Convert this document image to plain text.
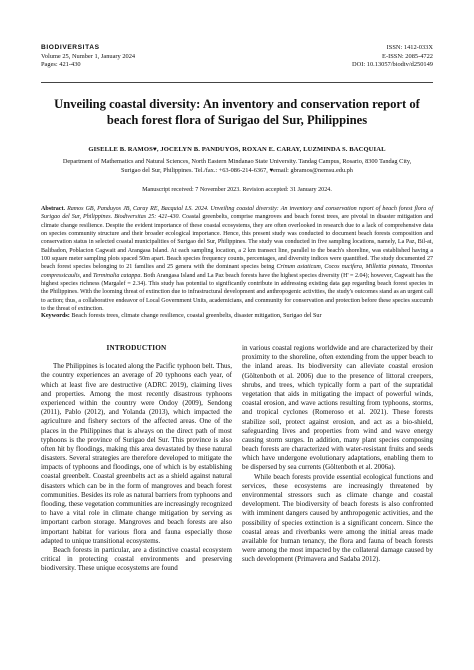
BIODIVERSITAS
Volume 25, Number 1, January 2024
Pages: 421-430
ISSN: 1412-033X
E-ISSN: 2085-4722
DOI: 10.13057/biodiv/d250149
Unveiling coastal diversity: An inventory and conservation report of beach forest flora of Surigao del Sur, Philippines
GISELLE B. RAMOS♥, JOCELYN B. PANDUYOS, ROXAN E. CARAY, LUZMINDA S. BACQUIAL
Department of Mathematics and Natural Sciences, North Eastern Mindanao State University. Tandag Campus, Rosario, 8300 Tandag City,
Surigao del Sur, Philippines. Tel./fax.: +63-086-214-6367, ♥email: gbramos@nemsu.edu.ph
Manuscript received: 7 November 2023. Revision accepted: 31 January 2024.
Abstract. Ramos GB, Panduyos JB, Caray RE, Bacquial LS. 2024. Unveiling coastal diversity: An inventory and conservation report of beach forest flora of Surigao del Sur, Philippines. Biodiversitas 25: 421-430. Coastal greenbelts, comprise mangroves and beach forest trees, are pivotal in disaster mitigation and climate change resilience. Despite the evident importance of these coastal ecosystems, they are often overlooked in research due to a lack of comprehensive data on species community structure and their broader ecological importance. Hence, this present study was conducted to document beach forests composition and conservation status in selected coastal municipalities of Surigao del Sur, Philippines. The study was conducted in five sampling locations, namely, La Paz, Bil-at, Balibadon, Poblacion Cagwait and Arangasa Island. At each sampling location, a 2 km transect line, parallel to the beach's shoreline, was established having a 100 square meter sampling plots spaced 50m apart. Beach species frequency counts, percentages, and diversity indices were quantified. The study documented 27 beach forest species belonging to 21 families and 25 genera with the dominant species being Crinum asiaticum, Cocos nucifera, Millettia pinnata, Timonius compressicaulis, and Terminalia catappa. Both Arangasa Island and La Paz beach forests have the highest species diversity (H' = 2.04); however, Cagwait has the highest species richness (Margalef = 2.34). This study has potential to significantly contribute in addressing existing data gap regarding beach forest species in the Philippines. With the looming threat of extinction due to infrastructural development and anthropogenic activities, the study's outcomes stand as an urgent call to action; thus, a collaborative endeavor of Local Government Units, academicians, and community for conservation and protection before these species succumb to the threat of extinction.
Keywords: Beach forests trees, climate change resilience, coastal greenbelts, disaster mitigation, Surigao del Sur
INTRODUCTION

The Philippines is located along the Pacific typhoon belt. Thus, the country experiences an average of 20 typhoons each year, of which at least five are destructive (ADRC 2019), claiming lives and properties. Among the most recently disastrous typhoons experienced within the country were Ondoy (2009), Sendong (2011), Pablo (2012), and Yolanda (2013), which impacted the agriculture and fishery sectors of the affected areas. One of the places in the Philippines that is always on the direct path of most typhoons is the province of Surigao del Sur. This province is also often hit by floodings, making this area devastated by these natural disasters. Several strategies are therefore developed to mitigate the impacts of typhoons and floodings, one of which is by establishing coastal greenbelt. Coastal greenbelts act as a shield against natural disasters which can be in the form of mangroves and beach forest communities. Besides its role as natural barriers from typhoons and flooding, these vegetation communities are increasingly recognized to have a vital role in climate change mitigation by serving as important carbon storage. Mangroves and beach forests are also important habitat for various flora and fauna especially those adapted to unique transitional ecosystems.

Beach forests in particular, are a distinctive coastal ecosystem critical in protecting coastal environments and preserving biodiversity. These unique ecosystems are found

in various coastal regions worldwide and are characterized by their proximity to the shoreline, often extending from the upper beach to the inland areas. Its biodiversity can alleviate coastal erosion (Göltenboth et al. 2006) due to the presence of littoral creepers, shrubs, and trees, which typically form a part of the supratidal vegetation that aids in mitigating the impact of powerful winds, coastal erosion, and wave actions resulting from typhoons, storms, and tropical cyclones (Romeroso et al. 2021). These forests stabilize soil, protect against erosion, and act as a bio-shield, safeguarding lives and properties from wind and wave energy causing storm surges. In addition, many plant species composing beach forests are characterized with water-resistant fruits and seeds which have undergone evolutionary adaptations, enabling them to be dispersed by sea currents (Göltenboth et al. 2006a).

While beach forests provide essential ecological functions and services, these ecosystems are increasingly threatened by environmental stressors such as climate change and coastal development. The biodiversity of beach forests is also confronted with imminent dangers caused by anthropogenic activities, and the possibility of species extinction is a significant concern. Since the coastal areas and riverbanks were among the initial areas made available for human tenancy, the flora and fauna of beach forests were among the most impacted by the collateral damage caused by such development (Primavera and Sadaba 2012).
